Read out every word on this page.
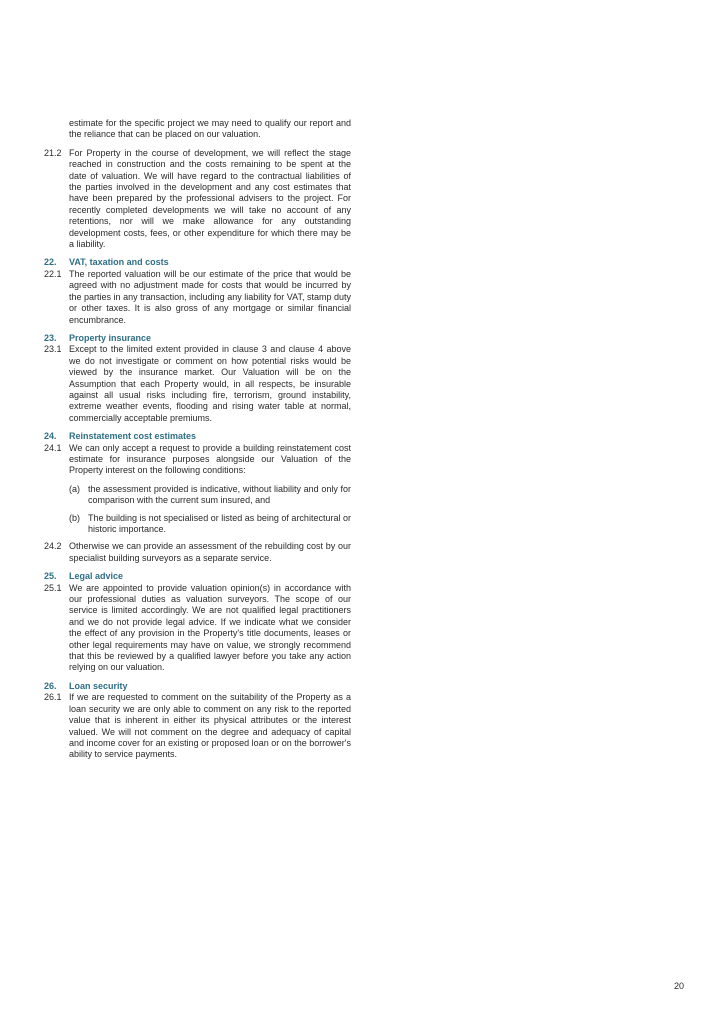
estimate for the specific project we may need to qualify our report and the reliance that can be placed on our valuation.
21.2 For Property in the course of development, we will reflect the stage reached in construction and the costs remaining to be spent at the date of valuation. We will have regard to the contractual liabilities of the parties involved in the development and any cost estimates that have been prepared by the professional advisers to the project. For recently completed developments we will take no account of any retentions, nor will we make allowance for any outstanding development costs, fees, or other expenditure for which there may be a liability.
22.	VAT, taxation and costs
22.1 The reported valuation will be our estimate of the price that would be agreed with no adjustment made for costs that would be incurred by the parties in any transaction, including any liability for VAT, stamp duty or other taxes. It is also gross of any mortgage or similar financial encumbrance.
23.	Property insurance
23.1 Except to the limited extent provided in clause 3 and clause 4 above we do not investigate or comment on how potential risks would be viewed by the insurance market. Our Valuation will be on the Assumption that each Property would, in all respects, be insurable against all usual risks including fire, terrorism, ground instability, extreme weather events, flooding and rising water table at normal, commercially acceptable premiums.
24.	Reinstatement cost estimates
24.1 We can only accept a request to provide a building reinstatement cost estimate for insurance purposes alongside our Valuation of the Property interest on the following conditions:
(a) the assessment provided is indicative, without liability and only for comparison with the current sum insured, and
(b) The building is not specialised or listed as being of architectural or historic importance.
24.2 Otherwise we can provide an assessment of the rebuilding cost by our specialist building surveyors as a separate service.
25.	Legal advice
25.1 We are appointed to provide valuation opinion(s) in accordance with our professional duties as valuation surveyors. The scope of our service is limited accordingly. We are not qualified legal practitioners and we do not provide legal advice. If we indicate what we consider the effect of any provision in the Property's title documents, leases or other legal requirements may have on value, we strongly recommend that this be reviewed by a qualified lawyer before you take any action relying on our valuation.
26.	Loan security
26.1 If we are requested to comment on the suitability of the Property as a loan security we are only able to comment on any risk to the reported value that is inherent in either its physical attributes or the interest valued. We will not comment on the degree and adequacy of capital and income cover for an existing or proposed loan or on the borrower's ability to service payments.
20
